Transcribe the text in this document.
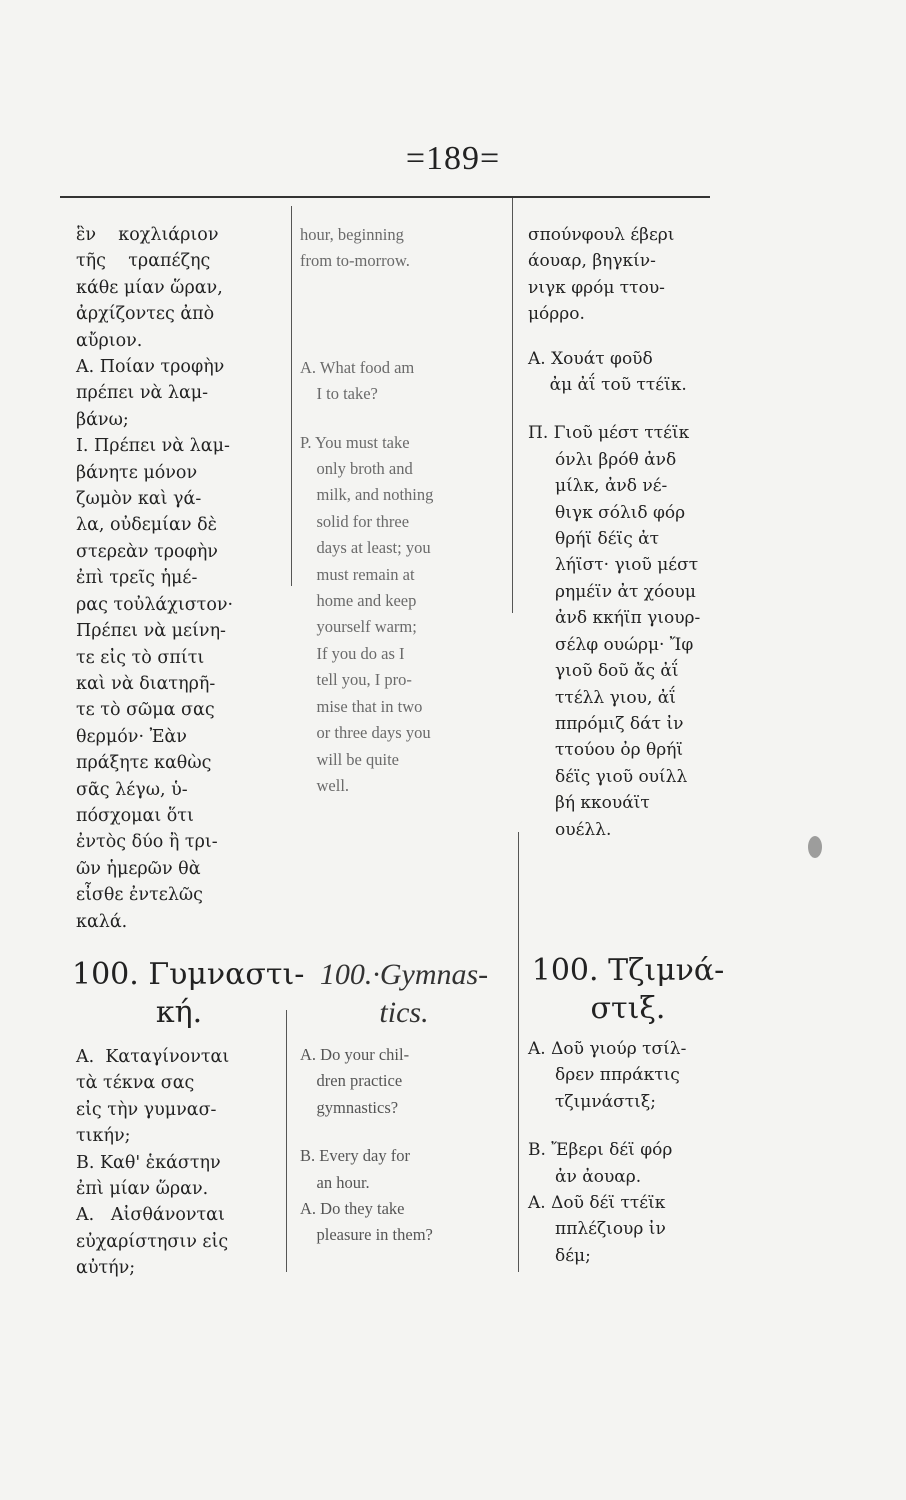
=189=
ἓν    κοχλιάριον
τῆς    τραπέζης
κάθε μίαν ὥραν,
ἀρχίζοντες ἀπὸ
αὔριον.
Α. Ποίαν τροφὴν
πρέπει νὰ λαμ-
βάνω;
Ι. Πρέπει νὰ λαμ-
βάνητε μόνον
ζωμὸν καὶ γά-
λα, οὐδεμίαν δὲ
στερεὰν τροφὴν
ἐπὶ τρεῖς ἡμέ-
ρας τοὐλάχιστον·
Πρέπει νὰ μείνη-
τε εἰς τὸ σπίτι
καὶ νὰ διατηρῆ-
τε τὸ σῶμα σας
θερμόν· Ἐὰν
πράξητε καθὼς
σᾶς λέγω, ὑ-
πόσχομαι ὅτι
ἐντὸς δύο ἢ τρι-
ῶν ἡμερῶν θὰ
εἶσθε ἐντελῶς
καλά.
hour, beginning
from to-morrow.
A. What food am
I to take?
P. You must take
only broth and
milk, and nothing
solid for three
days at least; you
must remain at
home and keep
yourself warm;
If you do as I
tell you, I pro-
mise that in two
or three days you
will be quite
well.
σπούνφουλ έβερι
άουαρ, βηγκίν-
νιγκ φρόμ ττου-
μόρρο.
Α. Χουάτ φοῦδ
ἀμ ἀΐ τοῦ ττέϊκ.
Π. Γιοῦ μέστ ττέϊκ
όνλι βρόθ ἀνδ
μίλκ, ἀνδ νέ-
θιγκ σόλιδ φόρ
θρήϊ δέϊς ἀτ
λήϊστ· γιοῦ μέστ
ρημέϊν ἀτ χόουμ
ἀνδ κκήϊπ γιουρ-
σέλφ ουώρμ· Ἴφ
γιοῦ δοῦ ἄς ἀΐ
ττέλλ γιου, ἀΐ
ππρόμιζ δάτ ἰν
ττούου ὀρ θρήϊ
δέϊς γιοῦ ουίλλ
βή κκουάϊτ
ουέλλ.
100. Γυμναστι-
κή.
100.·Gymnas-
tics.
100. Τζιμνά-
στιξ.
Α.  Καταγίνονται
τὰ τέκνα σας
εἰς τὴν γυμνασ-
τικήν;
Β. Καθ' ἑκάστην
ἐπὶ μίαν ὥραν.
Α.   Αἰσθάνονται
εὐχαρίστησιν εἰς
αὐτήν;
A. Do your chil-
dren practice
gymnastics?
B. Every day for
an hour.
A. Do they take
pleasure in them?
Α. Δοῦ γιούρ τσίλ-
δρεν ππράκτις
τζιμνάστιξ;
Β. Ἔβερι δέϊ φόρ
ἀν ἀουαρ.
Α. Δοῦ δέϊ ττέϊκ
ππλέζιουρ ἰν
δέμ;
